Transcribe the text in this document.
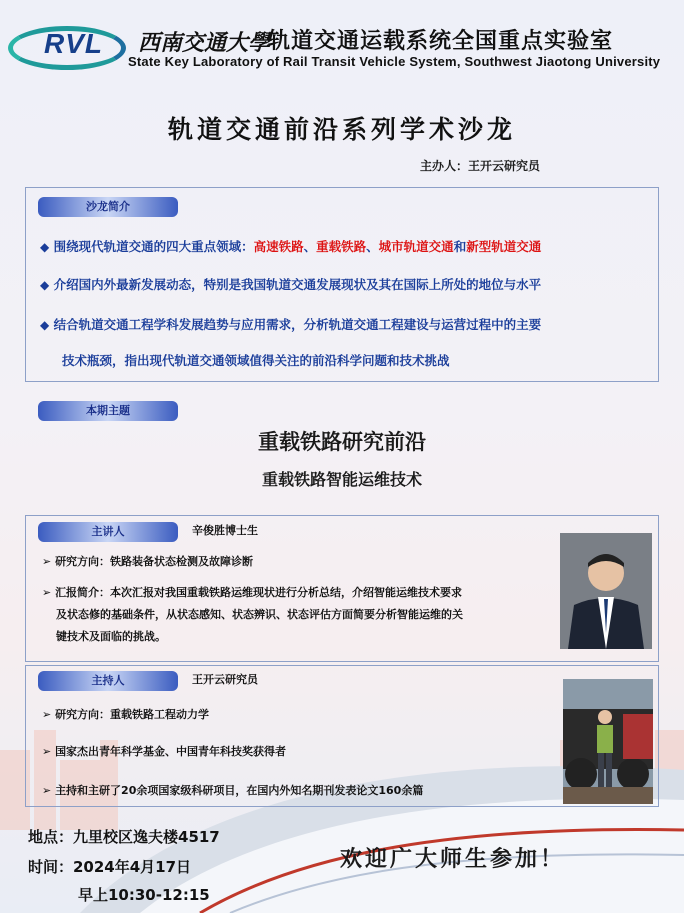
RVL 西南交通大學
轨道交通运载系统全国重点实验室
State Key Laboratory of Rail Transit Vehicle System, Southwest Jiaotong University
轨道交通前沿系列学术沙龙
主办人：王开云研究员
沙龙简介
◆ 围绕现代轨道交通的四大重点领域：高速铁路、重载铁路、城市轨道交通和新型轨道交通
◆ 介绍国内外最新发展动态，特别是我国轨道交通发展现状及其在国际上所处的地位与水平
◆ 结合轨道交通工程学科发展趋势与应用需求，分析轨道交通工程建设与运营过程中的主要
技术瓶颈，指出现代轨道交通领域值得关注的前沿科学问题和技术挑战
本期主题
重载铁路研究前沿
重载铁路智能运维技术
主讲人	辛俊胜博士生
➢ 研究方向：铁路装备状态检测及故障诊断
➢ 汇报简介：本次汇报对我国重载铁路运维现状进行分析总结，介绍智能运维技术要求
及状态修的基础条件，从状态感知、状态辨识、状态评估方面简要分析智能运维的关
键技术及面临的挑战。
主持人	王开云研究员
➢ 研究方向：重载铁路工程动力学
➢ 国家杰出青年科学基金、中国青年科技奖获得者
➢ 主持和主研了20余项国家级科研项目，在国内外知名期刊发表论文160余篇
地点：九里校区逸夫楼4517
时间：2024年4月17日
早上10:30-12:15
欢迎广大师生参加！
